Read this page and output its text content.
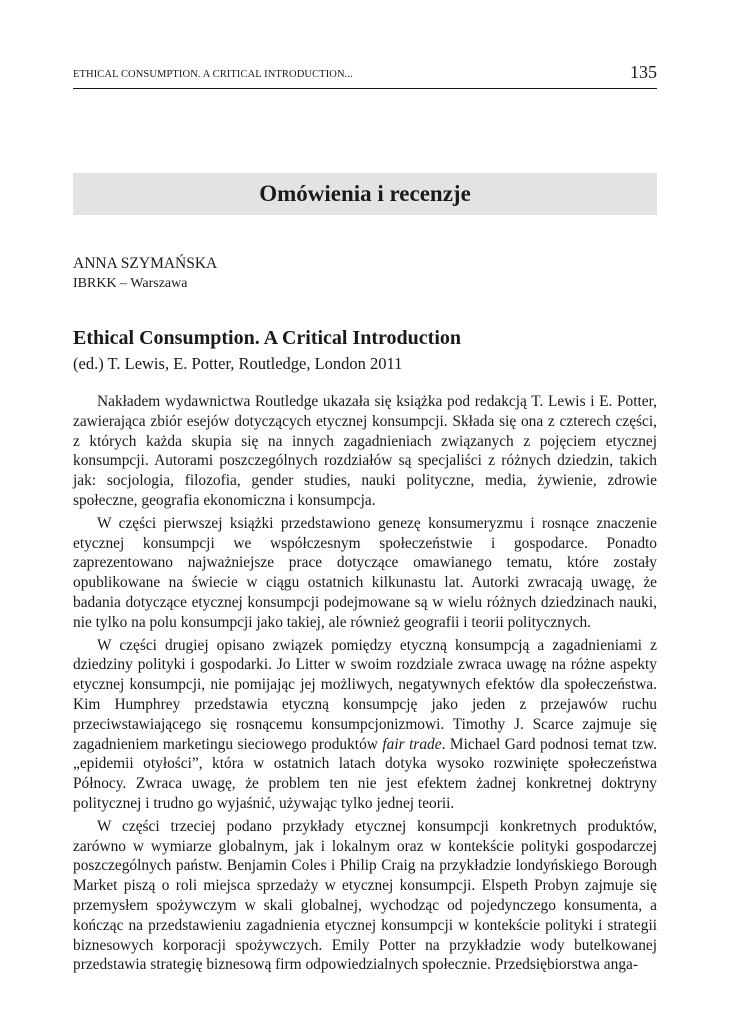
ETHICAL CONSUMPTION. A CRITICAL INTRODUCTION...	135
Omówienia i recenzje
ANNA SZYMAŃSKA
IBRKK – Warszawa
Ethical Consumption. A Critical Introduction
(ed.) T. Lewis, E. Potter, Routledge, London 2011

Nakładem wydawnictwa Routledge ukazała się książka pod redakcją T. Lewis i E. Potter, zawierająca zbiór esejów dotyczących etycznej konsumpcji. Składa się ona z czterech części, z których każda skupia się na innych zagadnieniach związanych z pojęciem etycznej konsumpcji. Autorami poszczególnych rozdziałów są specjaliści z różnych dziedzin, takich jak: socjologia, filozofia, gender studies, nauki polityczne, media, żywienie, zdrowie społeczne, geografia ekonomiczna i konsumpcja.

W części pierwszej książki przedstawiono genezę konsumeryzmu i rosnące znaczenie etycznej konsumpcji we współczesnym społeczeństwie i gospodarce. Ponadto zaprezentowano najważniejsze prace dotyczące omawianego tematu, które zostały opublikowane na świecie w ciągu ostatnich kilkunastu lat. Autorki zwracają uwagę, że badania dotyczące etycznej konsumpcji podejmowane są w wielu różnych dziedzinach nauki, nie tylko na polu konsumpcji jako takiej, ale również geografii i teorii politycznych.

W części drugiej opisano związek pomiędzy etyczną konsumpcją a zagadnieniami z dziedziny polityki i gospodarki. Jo Litter w swoim rozdziale zwraca uwagę na różne aspekty etycznej konsumpcji, nie pomijając jej możliwych, negatywnych efektów dla społeczeństwa. Kim Humphrey przedstawia etyczną konsumpcję jako jeden z przejawów ruchu przeciwstawiającego się rosnącemu konsumpcjonizmowi. Timothy J. Scarce zajmuje się zagadnieniem marketingu sieciowego produktów fair trade. Michael Gard podnosi temat tzw. „epidemii otyłości”, która w ostatnich latach dotyka wysoko rozwinięte społeczeństwa Północy. Zwraca uwagę, że problem ten nie jest efektem żadnej konkretnej doktryny politycznej i trudno go wyjaśnić, używając tylko jednej teorii.

W części trzeciej podano przykłady etycznej konsumpcji konkretnych produktów, zarówno w wymiarze globalnym, jak i lokalnym oraz w kontekście polityki gospodarczej poszczególnych państw. Benjamin Coles i Philip Craig na przykładzie londyńskiego Borough Market piszą o roli miejsca sprzedaży w etycznej konsumpcji. Elspeth Probyn zajmuje się przemysłem spożywczym w skali globalnej, wychodząc od pojedynczego konsumenta, a kończąc na przedstawieniu zagadnienia etycznej konsumpcji w kontekście polityki i strategii biznesowych korporacji spożywczych. Emily Potter na przykładzie wody butelkowanej przedstawia strategię biznesową firm odpowiedzialnych społecznie. Przedsiębiorstwa anga-
